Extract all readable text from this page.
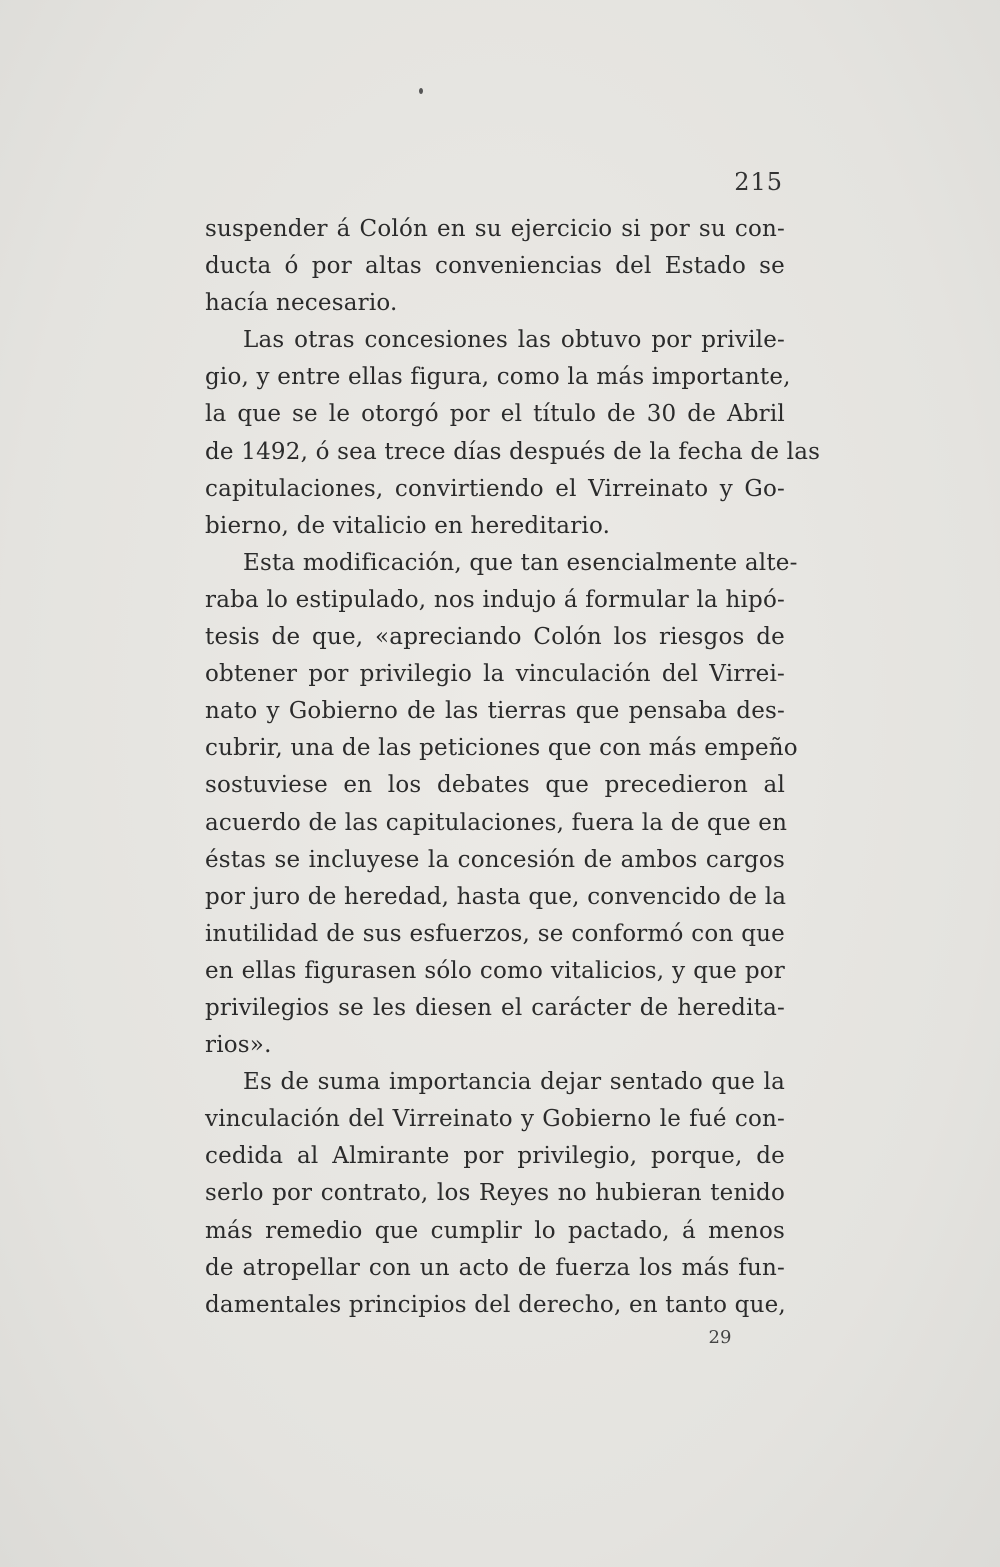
215
suspender á Colón en su ejercicio si por su con-
ducta ó por altas conveniencias del Estado se
hacía necesario.
Las otras concesiones las obtuvo por privile-
gio, y entre ellas figura, como la más importante,
la que se le otorgó por el título de 30 de Abril
de 1492, ó sea trece días después de la fecha de las
capitulaciones, convirtiendo el Virreinato y Go-
bierno, de vitalicio en hereditario.
Esta modificación, que tan esencialmente alte-
raba lo estipulado, nos indujo á formular la hipó-
tesis de que, «apreciando Colón los riesgos de
obtener por privilegio la vinculación del Virrei-
nato y Gobierno de las tierras que pensaba des-
cubrir, una de las peticiones que con más empeño
sostuviese en los debates que precedieron al
acuerdo de las capitulaciones, fuera la de que en
éstas se incluyese la concesión de ambos cargos
por juro de heredad, hasta que, convencido de la
inutilidad de sus esfuerzos, se conformó con que
en ellas figurasen sólo como vitalicios, y que por
privilegios se les diesen el carácter de heredita-
rios».
Es de suma importancia dejar sentado que la
vinculación del Virreinato y Gobierno le fué con-
cedida al Almirante por privilegio, porque, de
serlo por contrato, los Reyes no hubieran tenido
más remedio que cumplir lo pactado, á menos
de atropellar con un acto de fuerza los más fun-
damentales principios del derecho, en tanto que,
29
